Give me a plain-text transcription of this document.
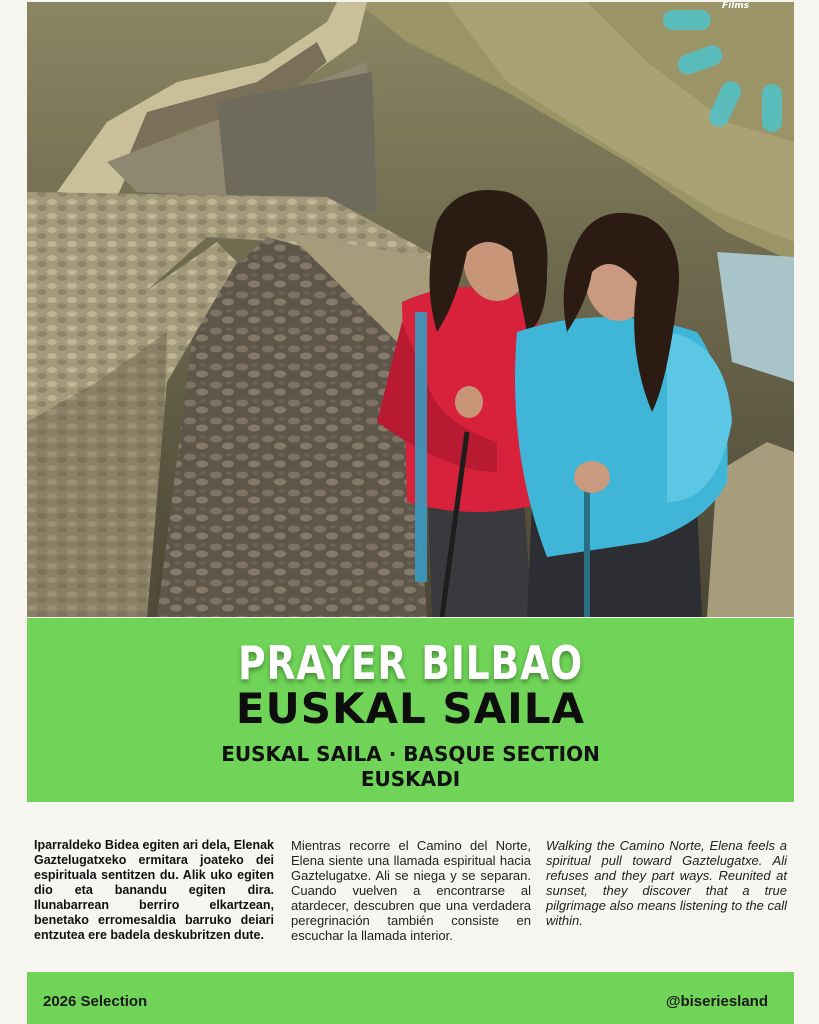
Films
PRAYER BILBAO
EUSKAL SAILA
EUSKAL SAILA · BASQUE SECTION
EUSKADI
Iparraldeko Bidea egiten ari dela, Elenak Gaztelugatxeko ermitara joateko dei espirituala sentitzen du. Alik uko egiten dio eta banandu egiten dira. Ilunabarrean berriro elkartzean, benetako erromesaldia barruko deiari entzutea ere badela deskubritzen dute.
Mientras recorre el Camino del Norte, Elena siente una llamada espiritual hacia Gaztelugatxe. Ali se niega y se separan. Cuando vuelven a encontrarse al atardecer, descubren que una verdadera peregrinación también consiste en escuchar la llamada interior.
Walking the Camino Norte, Elena feels a spiritual pull toward Gaztelugatxe. Ali refuses and they part ways. Reunited at sunset, they discover that a true pilgrimage also means listening to the call within.
2026 Selection	@biseriesland
